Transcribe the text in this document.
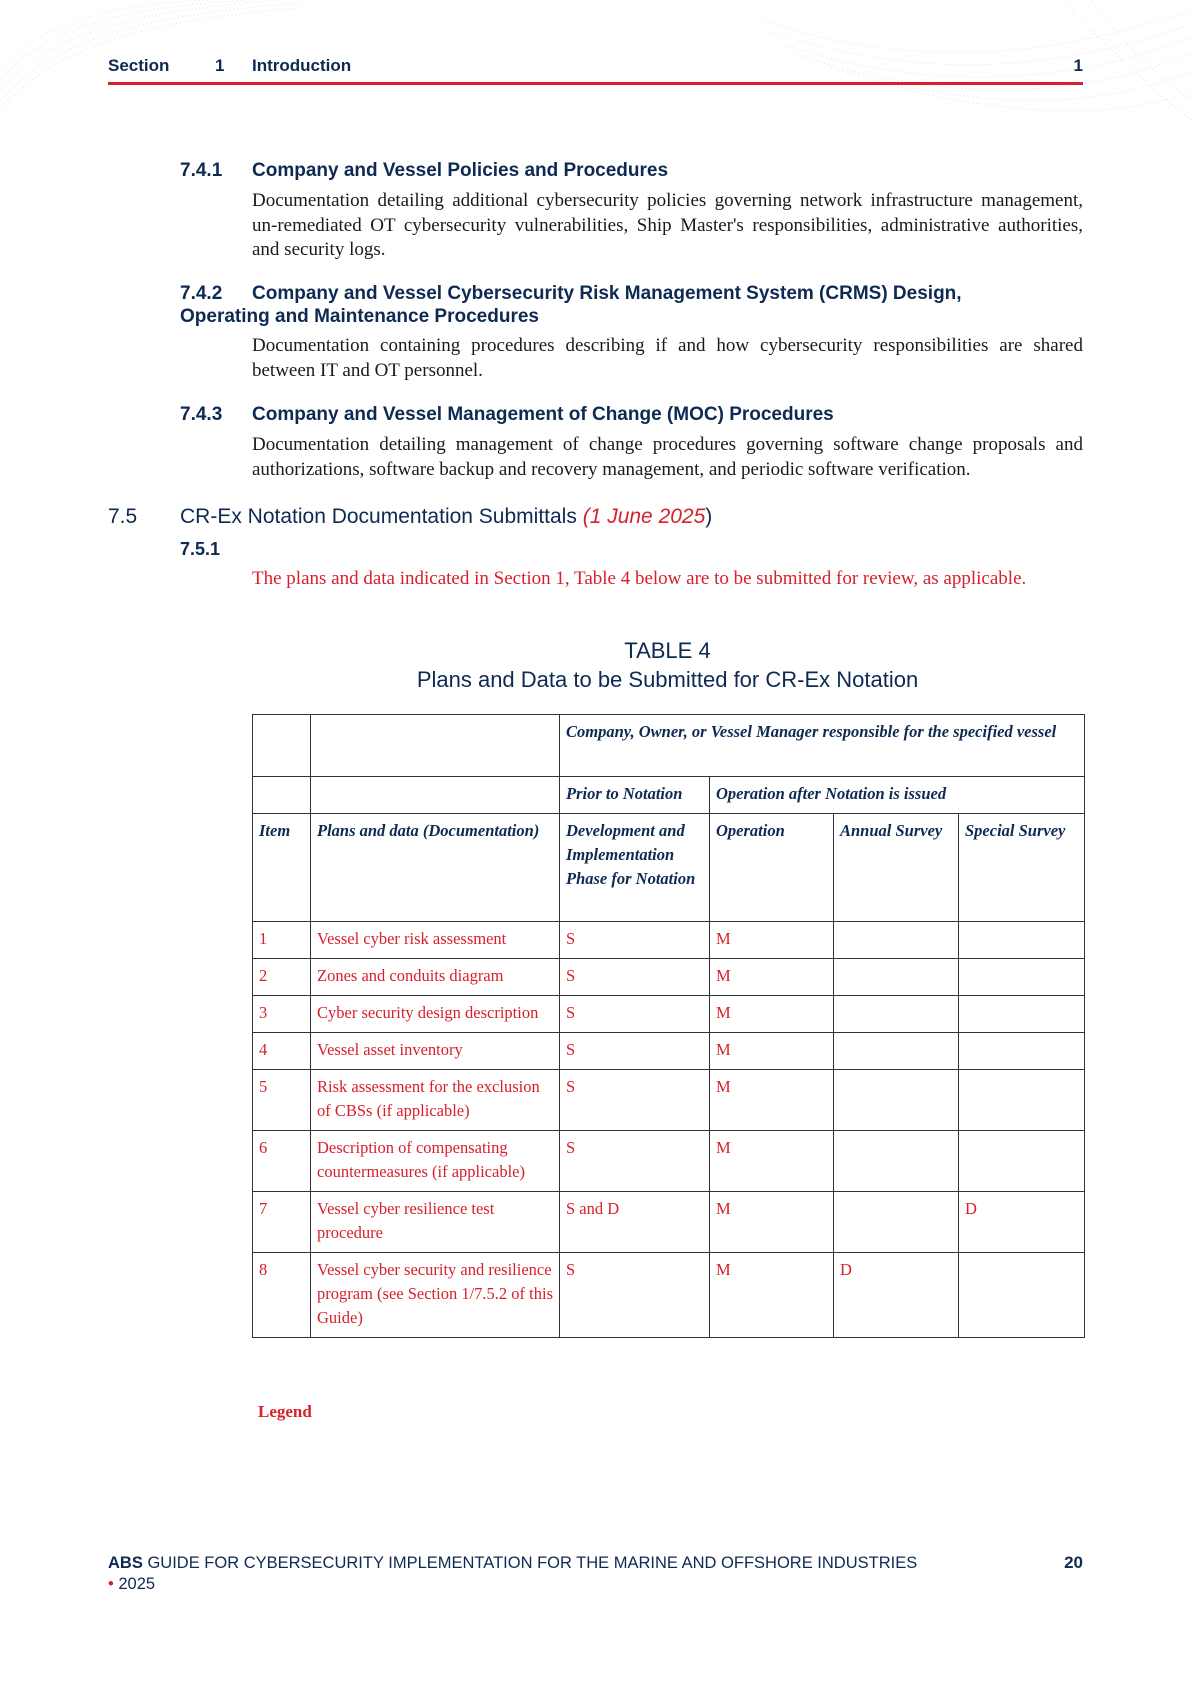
Section	1 Introduction	1
7.4.1 Company and Vessel Policies and Procedures
Documentation detailing additional cybersecurity policies governing network infrastructure management, un-remediated OT cybersecurity vulnerabilities, Ship Master's responsibilities, administrative authorities, and security logs.
7.4.2 Company and Vessel Cybersecurity Risk Management System (CRMS) Design,
Operating and Maintenance Procedures
Documentation containing procedures describing if and how cybersecurity responsibilities are shared between IT and OT personnel.
7.4.3 Company and Vessel Management of Change (MOC) Procedures
Documentation detailing management of change procedures governing software change proposals and authorizations, software backup and recovery management, and periodic software verification.
7.5 CR-Ex Notation Documentation Submittals (1 June 2025)
7.5.1
The plans and data indicated in Section 1, Table 4 below are to be submitted for review, as applicable.
TABLE 4
Plans and Data to be Submitted for CR-Ex Notation
		Company, Owner, or Vessel Manager responsible for the specified vessel			
		Prior to Notation	Operation after Notation is issued		
Item	Plans and data (Documentation)	Development and Implementation Phase for Notation	Operation	Annual Survey	Special Survey
1	Vessel cyber risk assessment	S	M		
2	Zones and conduits diagram	S	M		
3	Cyber security design description	S	M		
4	Vessel asset inventory	S	M		
5	Risk assessment for the exclusion of CBSs (if applicable)	S	M		
6	Description of compensating countermeasures (if applicable)	S	M		
7	Vessel cyber resilience test procedure	S and D	M		D
8	Vessel cyber security and resilience program (see Section 1/7.5.2 of this Guide)	S	M	D	
Legend
ABS GUIDE FOR CYBERSECURITY IMPLEMENTATION FOR THE MARINE AND OFFSHORE INDUSTRIES
• 2025
20
